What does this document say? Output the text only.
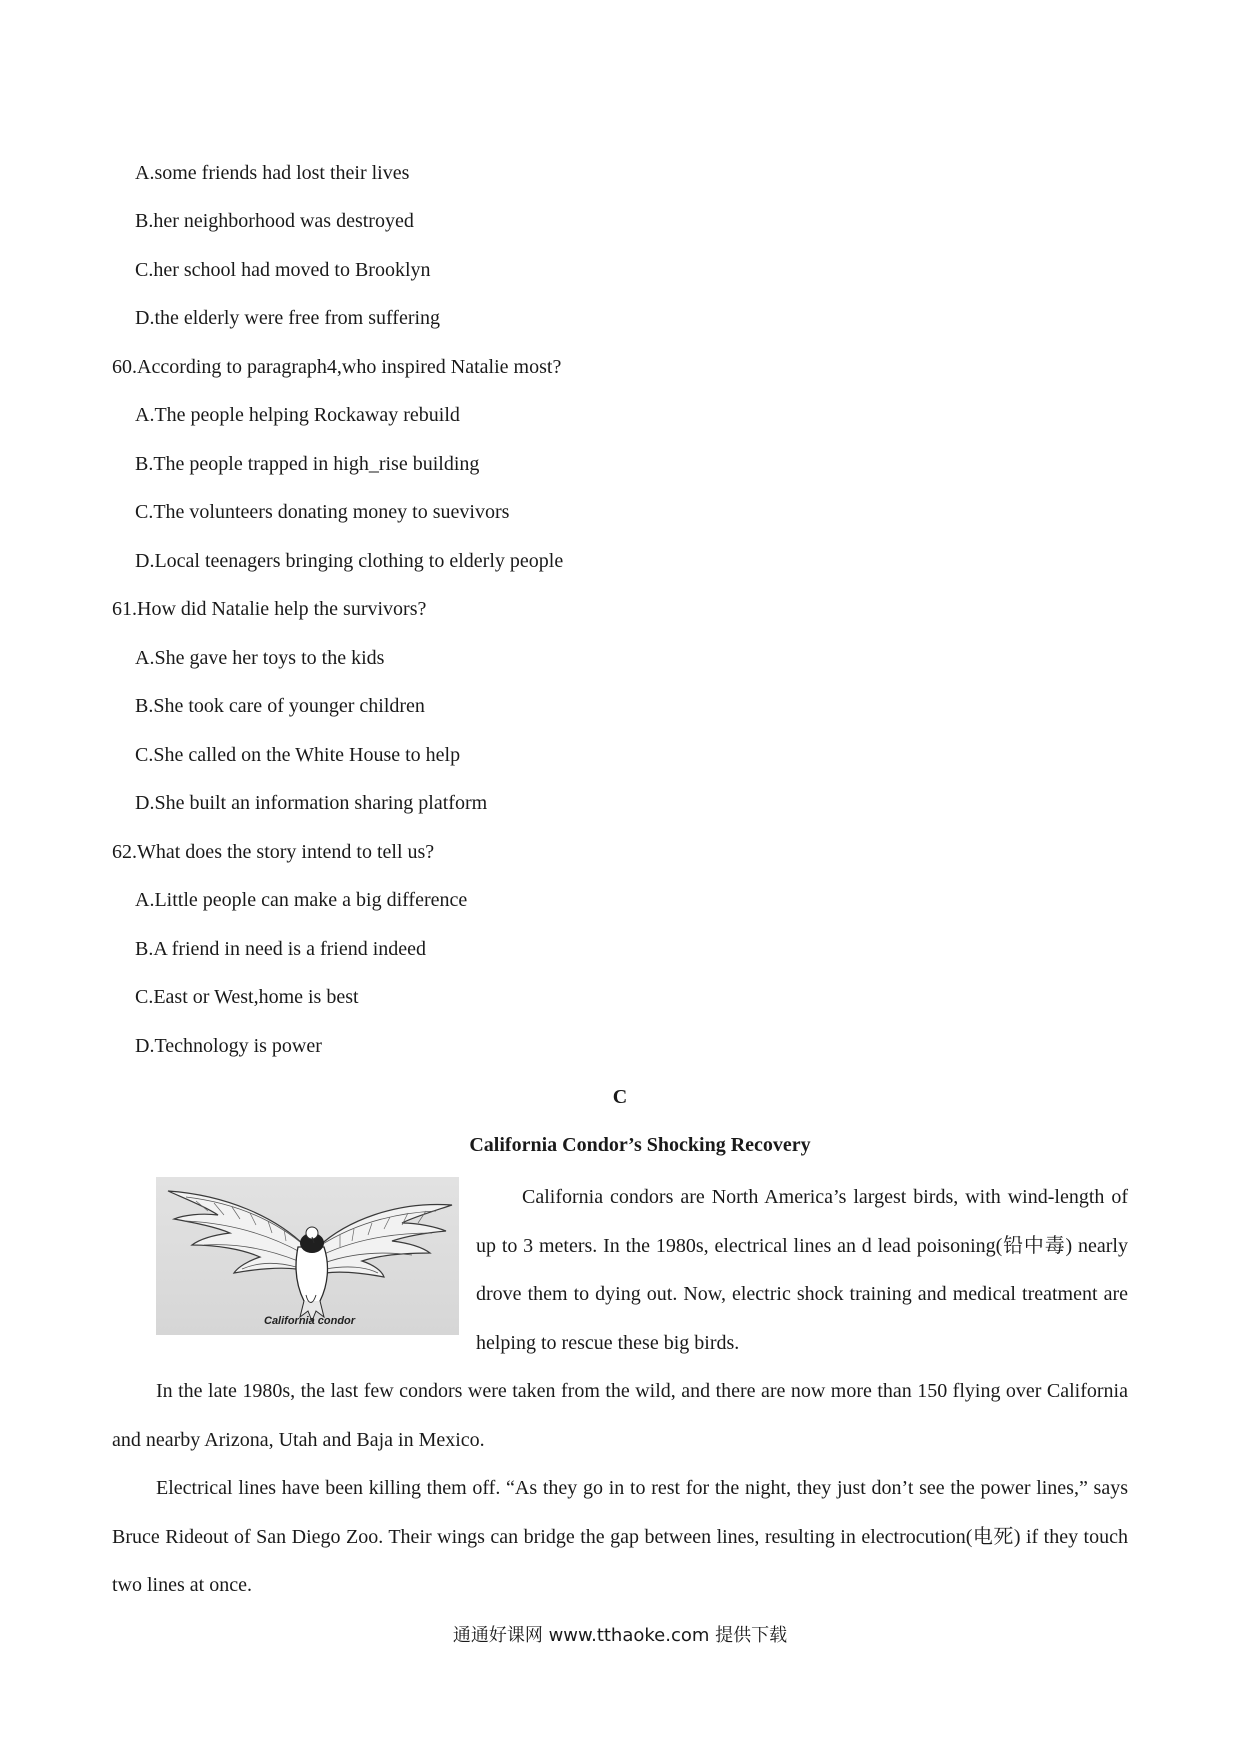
A.some friends had lost their lives
B.her neighborhood was destroyed
C.her school had moved to Brooklyn
D.the elderly were free from suffering
60.According to paragraph4,who inspired Natalie most?
A.The people helping Rockaway rebuild
B.The people trapped in high_rise building
C.The volunteers donating money to suevivors
D.Local teenagers bringing clothing to elderly people
61.How did Natalie help the survivors?
A.She gave her toys to the kids
B.She took care of younger children
C.She called on the White House to help
D.She built an information sharing platform
62.What does the story intend to tell us?
A.Little people can make a big difference
B.A friend in need is a friend indeed
C.East or West,home is best
D.Technology is power
C
California Condor’s Shocking Recovery
California condor
California condors are North America’s largest birds, with wind-length of up to 3 meters. In the 1980s, electrical lines an d lead poisoning(铅中毒) nearly drove them to dying out. Now, electric shock training and medical treatment are helping to rescue these big birds.
In the late 1980s, the last few condors were taken from the wild, and there are now more than 150 flying over California and nearby Arizona, Utah and Baja in Mexico.
Electrical lines have been killing them off. “As they go in to rest for the night, they just don’t see the power lines,” says Bruce Rideout of San Diego Zoo. Their wings can bridge the gap between lines, resulting in electrocution(电死) if they touch two lines at once.
通通好课网 www.tthaoke.com 提供下载
